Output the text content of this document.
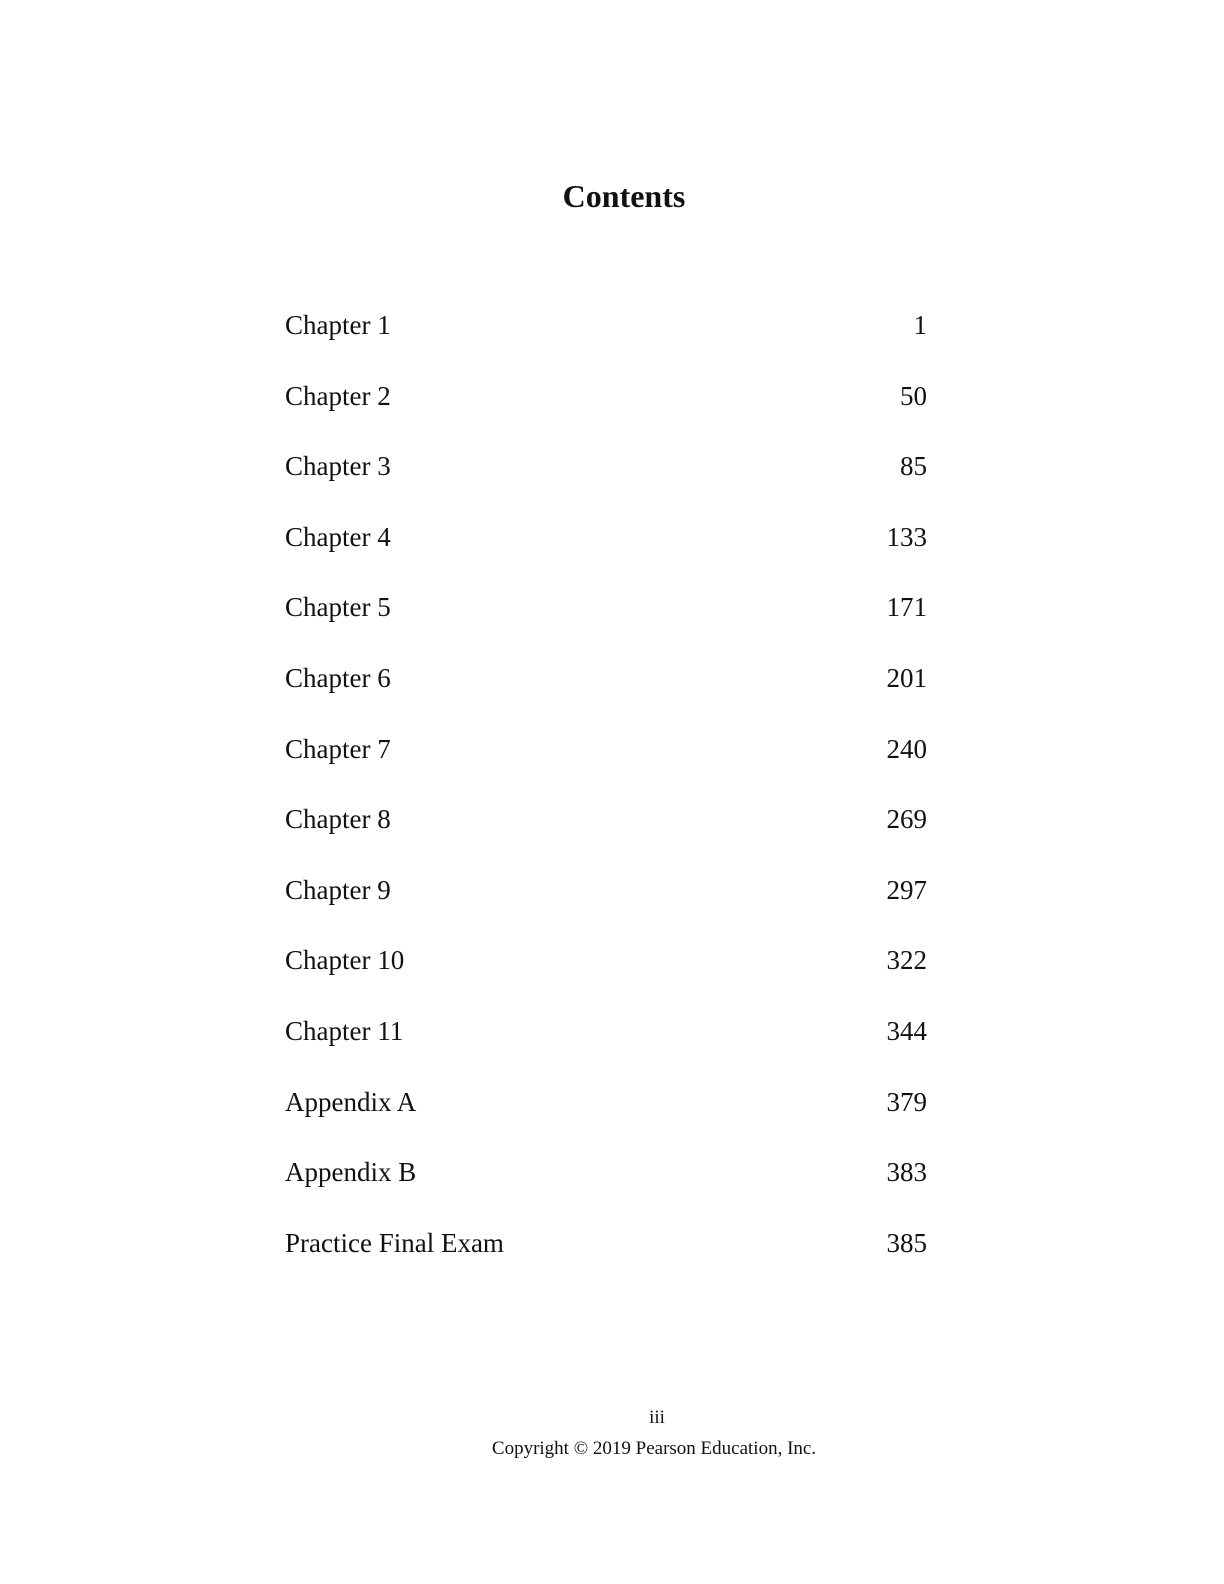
Contents
Chapter 1	1
Chapter 2	50
Chapter 3	85
Chapter 4	133
Chapter 5	171
Chapter 6	201
Chapter 7	240
Chapter 8	269
Chapter 9	297
Chapter 10	322
Chapter 11	344
Appendix A	379
Appendix B	383
Practice Final Exam	385
iii
Copyright © 2019 Pearson Education, Inc.
